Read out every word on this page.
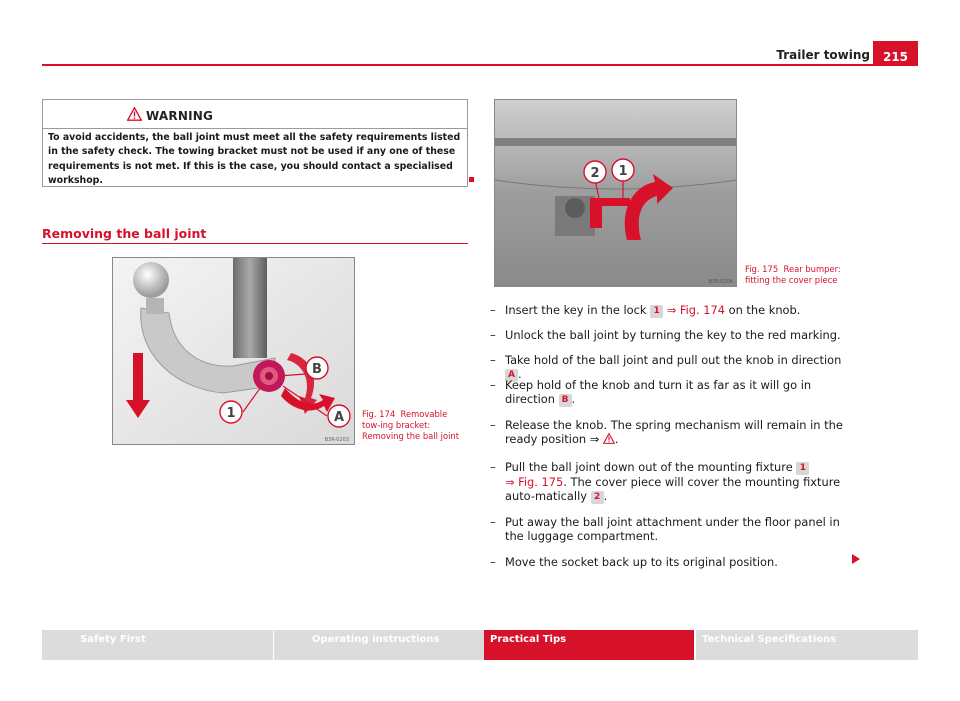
Trailer towing	215
WARNING
To avoid accidents, the ball joint must meet all the safety requirements listed in the safety check. The towing bracket must not be used if any one of these requirements is not met. If this is the case, you should contact a specialised workshop.
Removing the ball joint
1
B
A
B3R-0203
Fig. 174 Removable tow-ing bracket: Removing the ball joint
2 1
B3R-0204
Fig. 175 Rear bumper: fitting the cover piece
– Insert the key in the lock 1 ⇒ Fig. 174 on the knob.
– Unlock the ball joint by turning the key to the red marking.
– Take hold of the ball joint and pull out the knob in direction A .
– Keep hold of the knob and turn it as far as it will go in direction B .
– Release the knob. The spring mechanism will remain in the ready position ⇒ .
– Pull the ball joint down out of the mounting fixture 1
⇒ Fig. 175. The cover piece will cover the mounting fixture auto-matically 2 .
– Put away the ball joint attachment under the floor panel in the luggage compartment.
– Move the socket back up to its original position.
Safety First	Operating instructions	Practical Tips	Technical Specifications
